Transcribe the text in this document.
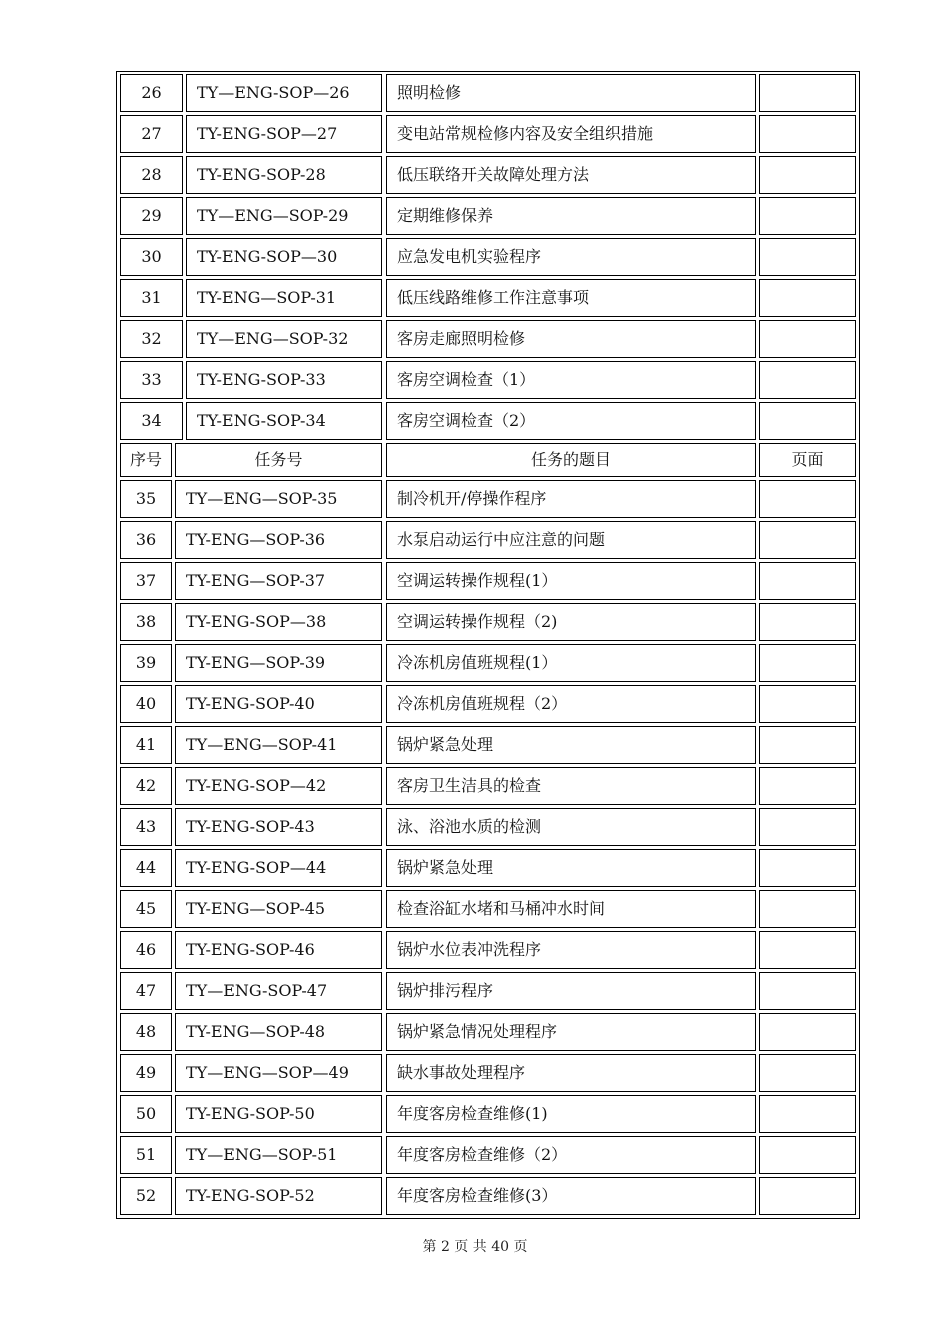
26	TY—ENG-SOP—26	照明检修
27	TY-ENG-SOP—27	变电站常规检修内容及安全组织措施
28	TY-ENG-SOP-28	低压联络开关故障处理方法
29	TY—ENG—SOP-29	定期维修保养
30	TY-ENG-SOP—30	应急发电机实验程序
31	TY-ENG—SOP-31	低压线路维修工作注意事项
32	TY—ENG—SOP-32	客房走廊照明检修
33	TY-ENG-SOP-33	客房空调检查（1）
34	TY-ENG-SOP-34	客房空调检查（2）
序号	任务号	任务的题目	页面
35	TY—ENG—SOP-35	制冷机开/停操作程序
36	TY-ENG—SOP-36	水泵启动运行中应注意的问题
37	TY-ENG—SOP-37	空调运转操作规程(1）
38	TY-ENG-SOP—38	空调运转操作规程（2)
39	TY-ENG—SOP-39	冷冻机房值班规程(1）
40	TY-ENG-SOP-40	冷冻机房值班规程（2）
41	TY—ENG—SOP-41	锅炉紧急处理
42	TY-ENG-SOP—42	客房卫生洁具的检查
43	TY-ENG-SOP-43	泳、浴池水质的检测
44	TY-ENG-SOP—44	锅炉紧急处理
45	TY-ENG—SOP-45	检查浴缸水堵和马桶冲水时间
46	TY-ENG-SOP-46	锅炉水位表冲洗程序
47	TY—ENG-SOP-47	锅炉排污程序
48	TY-ENG—SOP-48	锅炉紧急情况处理程序
49	TY—ENG—SOP—49	缺水事故处理程序
50	TY-ENG-SOP-50	年度客房检查维修(1)
51	TY—ENG—SOP-51	年度客房检查维修（2）
52	TY-ENG-SOP-52	年度客房检查维修(3）
第 2 页 共 40 页
